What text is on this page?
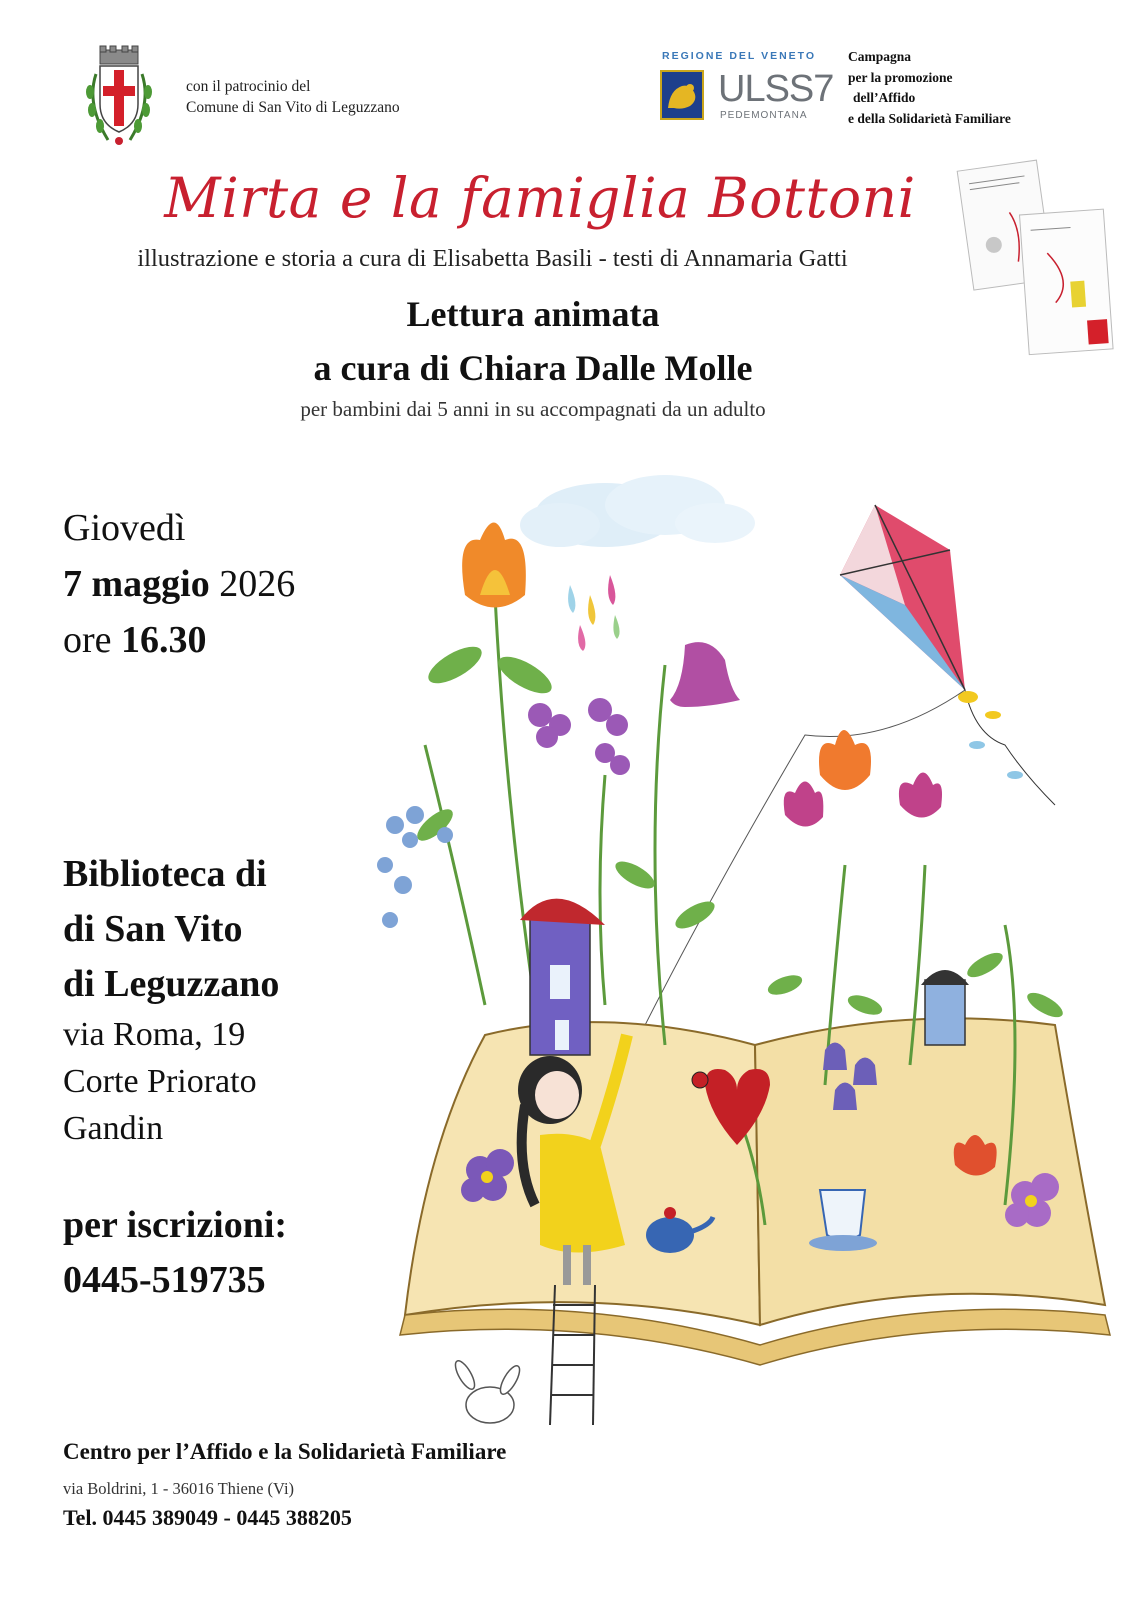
con il patrocinio del
Comune di San Vito di Leguzzano
REGIONE DEL VENETO
ULSS7
PEDEMONTANA
Campagna
per la promozione
dell’Affido
e della Solidarietà Familiare
Mirta e la famiglia Bottoni
illustrazione e storia a cura di Elisabetta Basili - testi di Annamaria Gatti
Lettura animata
a cura di Chiara Dalle Molle
per bambini dai 5 anni in su accompagnati da un adulto
Giovedì
7 maggio 2026
ore 16.30
Biblioteca di
di San Vito
di Leguzzano
via Roma, 19
Corte Priorato
Gandin
per iscrizioni:
0445-519735
Centro per l’Affido e la Solidarietà Familiare
via Boldrini, 1 - 36016 Thiene (Vi)
Tel. 0445 389049 - 0445 388205
